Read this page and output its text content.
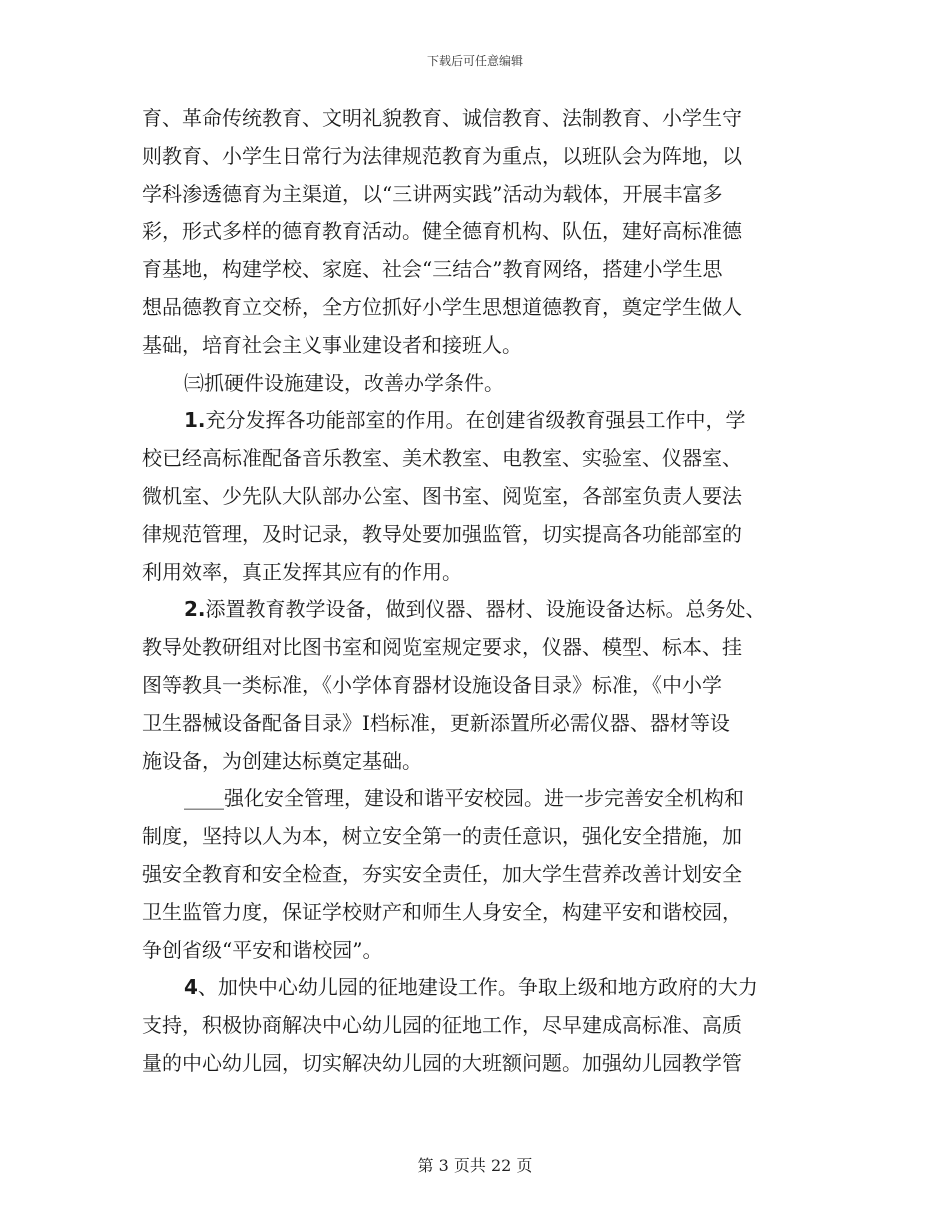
下载后可任意编辑
育、革命传统教育、文明礼貌教育、诚信教育、法制教育、小学生守
则教育、小学生日常行为法律规范教育为重点，以班队会为阵地，以
学科渗透德育为主渠道，以“三讲两实践”活动为载体，开展丰富多
彩，形式多样的德育教育活动。健全德育机构、队伍，建好高标准德
育基地，构建学校、家庭、社会“三结合”教育网络，搭建小学生思
想品德教育立交桥，全方位抓好小学生思想道德教育，奠定学生做人
基础，培育社会主义事业建设者和接班人。
㈢抓硬件设施建设，改善办学条件。
1.充分发挥各功能部室的作用。在创建省级教育强县工作中，学
校已经高标准配备音乐教室、美术教室、电教室、实验室、仪器室、
微机室、少先队大队部办公室、图书室、阅览室，各部室负责人要法
律规范管理，及时记录，教导处要加强监管，切实提高各功能部室的
利用效率，真正发挥其应有的作用。
2.添置教育教学设备，做到仪器、器材、设施设备达标。总务处、
教导处教研组对比图书室和阅览室规定要求，仪器、模型、标本、挂
图等教具一类标准，《小学体育器材设施设备目录》标准，《中小学
卫生器械设备配备目录》Ⅰ档标准，更新添置所必需仪器、器材等设
施设备，为创建达标奠定基础。
____强化安全管理，建设和谐平安校园。进一步完善安全机构和
制度，坚持以人为本，树立安全第一的责任意识，强化安全措施，加
强安全教育和安全检查，夯实安全责任，加大学生营养改善计划安全
卫生监管力度，保证学校财产和师生人身安全，构建平安和谐校园，
争创省级“平安和谐校园”。
4、加快中心幼儿园的征地建设工作。争取上级和地方政府的大力
支持，积极协商解决中心幼儿园的征地工作，尽早建成高标准、高质
量的中心幼儿园，切实解决幼儿园的大班额问题。加强幼儿园教学管
第 3 页共 22 页
